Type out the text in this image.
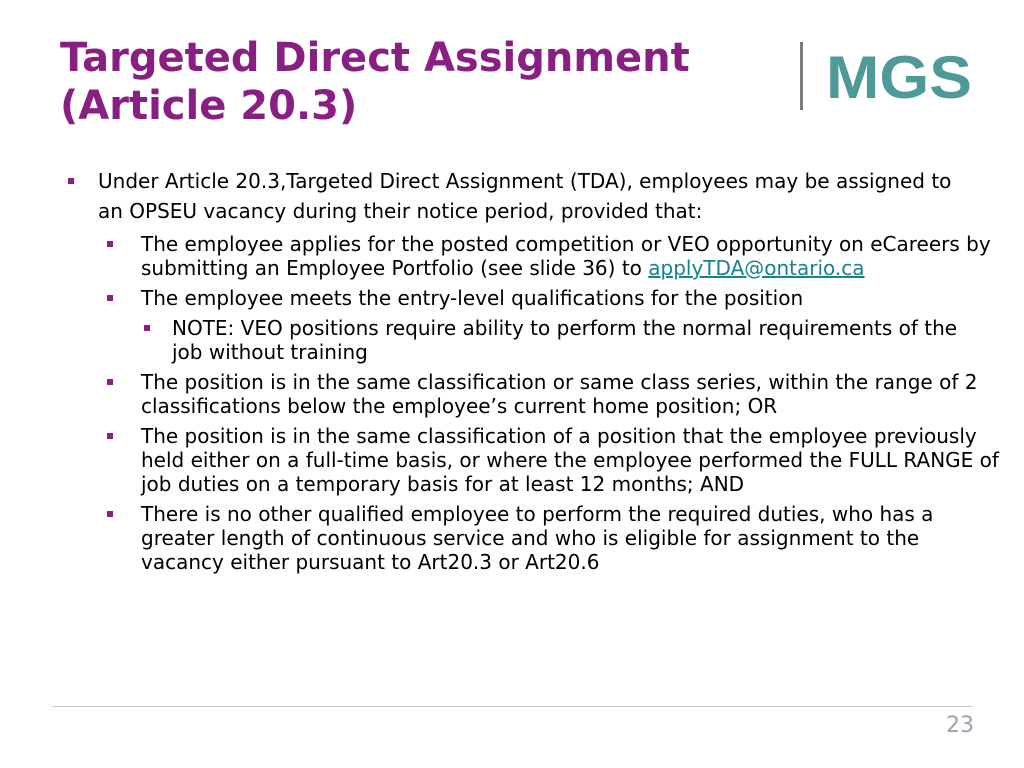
Targeted Direct Assignment
(Article 20.3)	MGS
Under Article 20.3,Targeted Direct Assignment (TDA), employees may be assigned to an OPSEU vacancy during their notice period, provided that:
The employee applies for the posted competition or VEO opportunity on eCareers by submitting an Employee Portfolio (see slide 36) to applyTDA@ontario.ca
The employee meets the entry-level qualifications for the position
NOTE: VEO positions require ability to perform the normal requirements of the job without training
The position is in the same classification or same class series, within the range of 2 classifications below the employee’s current home position; OR
The position is in the same classification of a position that the employee previously held either on a full-time basis, or where the employee performed the FULL RANGE of job duties on a temporary basis for at least 12 months; AND
There is no other qualified employee to perform the required duties, who has a greater length of continuous service and who is eligible for assignment to the vacancy either pursuant to Art20.3 or Art20.6
23
